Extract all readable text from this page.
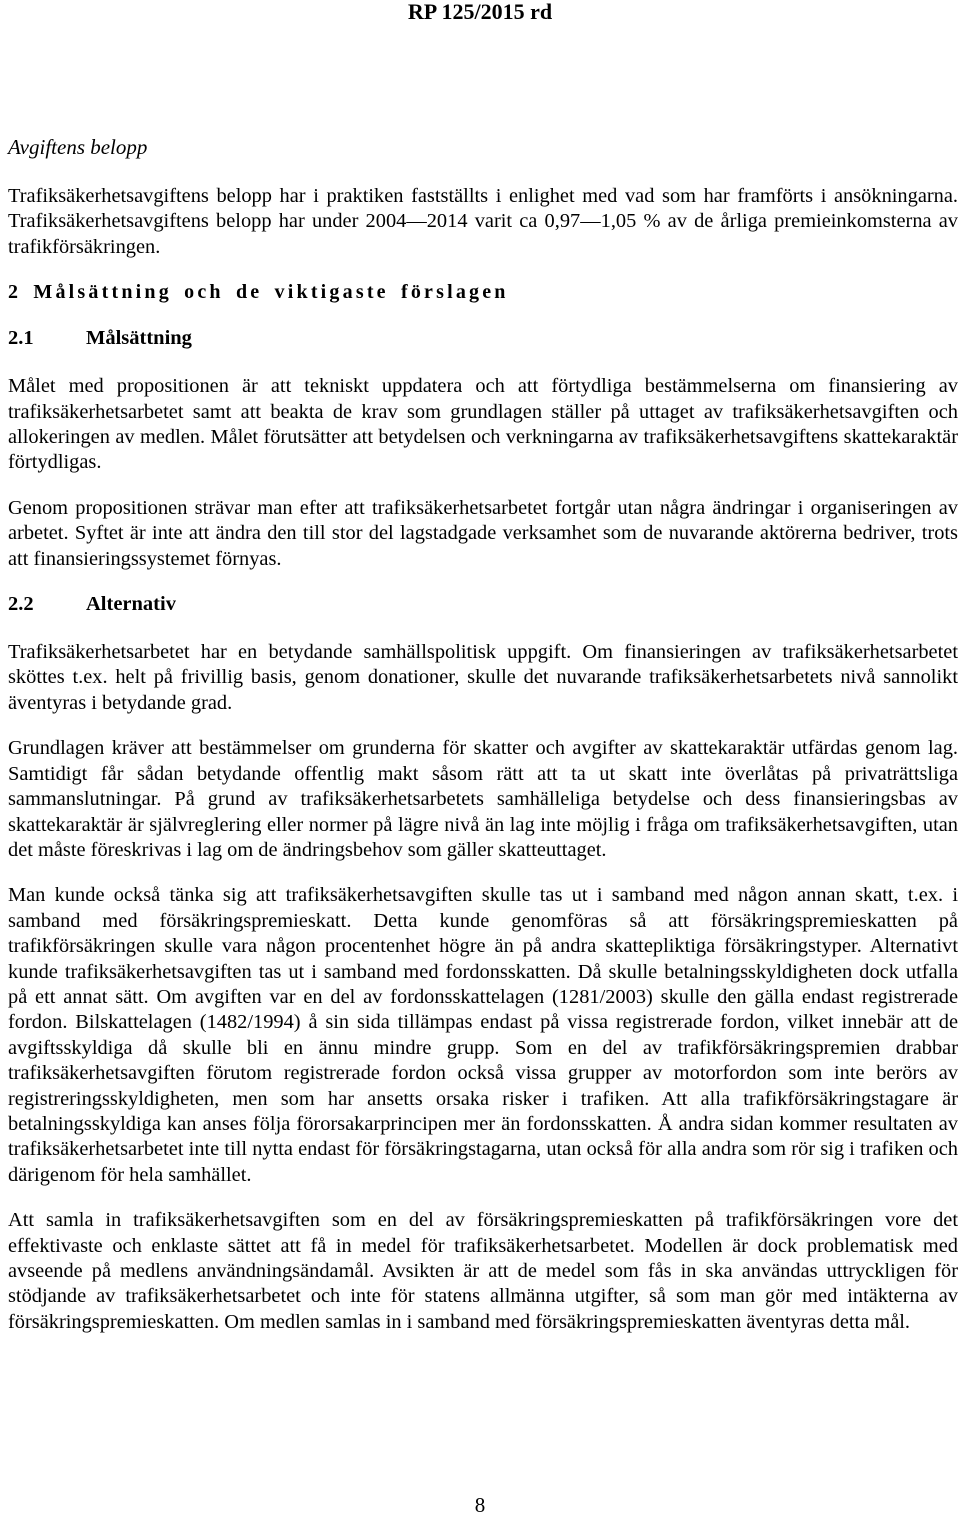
RP 125/2015 rd
Avgiftens belopp

Trafiksäkerhetsavgiftens belopp har i praktiken fastställts i enlighet med vad som har framförts i ansökningarna. Trafiksäkerhetsavgiftens belopp har under 2004—2014 varit ca 0,97—1,05 % av de årliga premieinkomsterna av trafikförsäkringen.

2 Målsättning och de viktigaste förslagen
2.1	Målsättning

Målet med propositionen är att tekniskt uppdatera och att förtydliga bestämmelserna om finansiering av trafiksäkerhetsarbetet samt att beakta de krav som grundlagen ställer på uttaget av trafiksäkerhetsavgiften och allokeringen av medlen. Målet förutsätter att betydelsen och verkningarna av trafiksäkerhetsavgiftens skattekaraktär förtydligas.

Genom propositionen strävar man efter att trafiksäkerhetsarbetet fortgår utan några ändringar i organiseringen av arbetet. Syftet är inte att ändra den till stor del lagstadgade verksamhet som de nuvarande aktörerna bedriver, trots att finansieringssystemet förnyas.

2.2	Alternativ

Trafiksäkerhetsarbetet har en betydande samhällspolitisk uppgift. Om finansieringen av trafiksäkerhetsarbetet sköttes t.ex. helt på frivillig basis, genom donationer, skulle det nuvarande trafiksäkerhetsarbetets nivå sannolikt äventyras i betydande grad.

Grundlagen kräver att bestämmelser om grunderna för skatter och avgifter av skattekaraktär utfärdas genom lag. Samtidigt får sådan betydande offentlig makt såsom rätt att ta ut skatt inte överlåtas på privaträttsliga sammanslutningar. På grund av trafiksäkerhetsarbetets samhälleliga betydelse och dess finansieringsbas av skattekaraktär är självreglering eller normer på lägre nivå än lag inte möjlig i fråga om trafiksäkerhetsavgiften, utan det måste föreskrivas i lag om de ändringsbehov som gäller skatteuttaget.

Man kunde också tänka sig att trafiksäkerhetsavgiften skulle tas ut i samband med någon annan skatt, t.ex. i samband med försäkringspremieskatt. Detta kunde genomföras så att försäkringspremieskatten på trafikförsäkringen skulle vara någon procentenhet högre än på andra skattepliktiga försäkringstyper. Alternativt kunde trafiksäkerhetsavgiften tas ut i samband med fordonsskatten. Då skulle betalningsskyldigheten dock utfalla på ett annat sätt. Om avgiften var en del av fordonsskattelagen (1281/2003) skulle den gälla endast registrerade fordon. Bilskattelagen (1482/1994) å sin sida tillämpas endast på vissa registrerade fordon, vilket innebär att de avgiftsskyldiga då skulle bli en ännu mindre grupp. Som en del av trafikförsäkringspremien drabbar trafiksäkerhetsavgiften förutom registrerade fordon också vissa grupper av motorfordon som inte berörs av registreringsskyldigheten, men som har ansetts orsaka risker i trafiken. Att alla trafikförsäkringstagare är betalningsskyldiga kan anses följa förorsakarprincipen mer än fordonsskatten. Å andra sidan kommer resultaten av trafiksäkerhetsarbetet inte till nytta endast för försäkringstagarna, utan också för alla andra som rör sig i trafiken och därigenom för hela samhället.

Att samla in trafiksäkerhetsavgiften som en del av försäkringspremieskatten på trafikförsäkringen vore det effektivaste och enklaste sättet att få in medel för trafiksäkerhetsarbetet. Modellen är dock problematisk med avseende på medlens användningsändamål. Avsikten är att de medel som fås in ska användas uttryckligen för stödjande av trafiksäkerhetsarbetet och inte för statens allmänna utgifter, så som man gör med intäkterna av försäkringspremieskatten. Om medlen samlas in i samband med försäkringspremieskatten äventyras detta mål.

8
